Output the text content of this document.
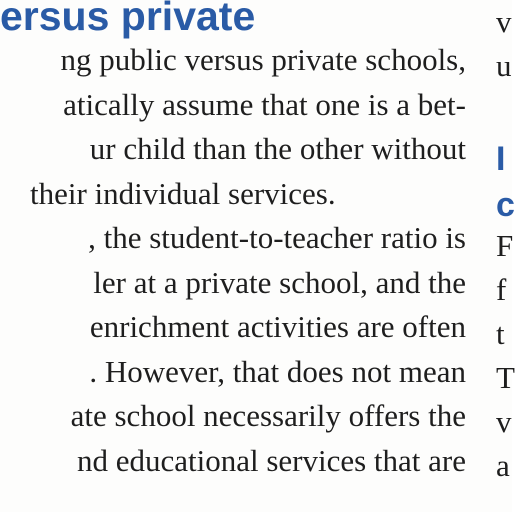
ersus private

ng public versus private schools,
atically assume that one is a bet-
ur child than the other without
their individual services.

, the student-to-teacher ratio is
ler at a private school, and the
enrichment activities are often
. However, that does not mean
ate school necessarily offers the
nd educational services that are

v
u
I
c
F
f
t
T
v
a
